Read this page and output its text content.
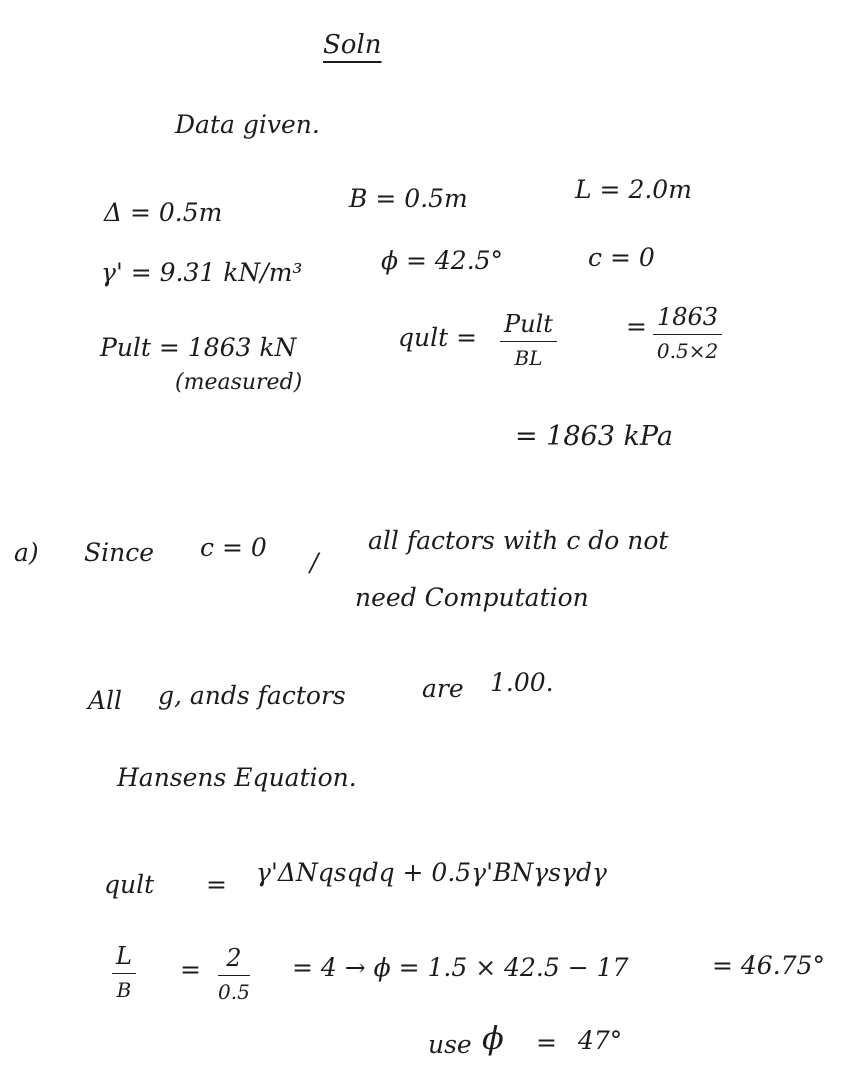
Soln
Data given.
Δ = 0.5m	B = 0.5m	L = 2.0m
γ' = 9.31 kN/m³	ϕ = 42.5°	c = 0
Pult = 1863 kN
(measured)
qult = Pult
BL
= 1863
0.5×2
= 1863 kPa
a) Since c = 0
/
all factors with c do not
need Computation
All g, ands factors	are 1.00.
Hansens Equation.
qult = γ'ΔNqsqdq + 0.5γ'BNγsγdγ
L
B
= 2
0.5
= 4 → ϕ = 1.5 × 42.5 − 17	= 46.75°
use ϕ = 47°
